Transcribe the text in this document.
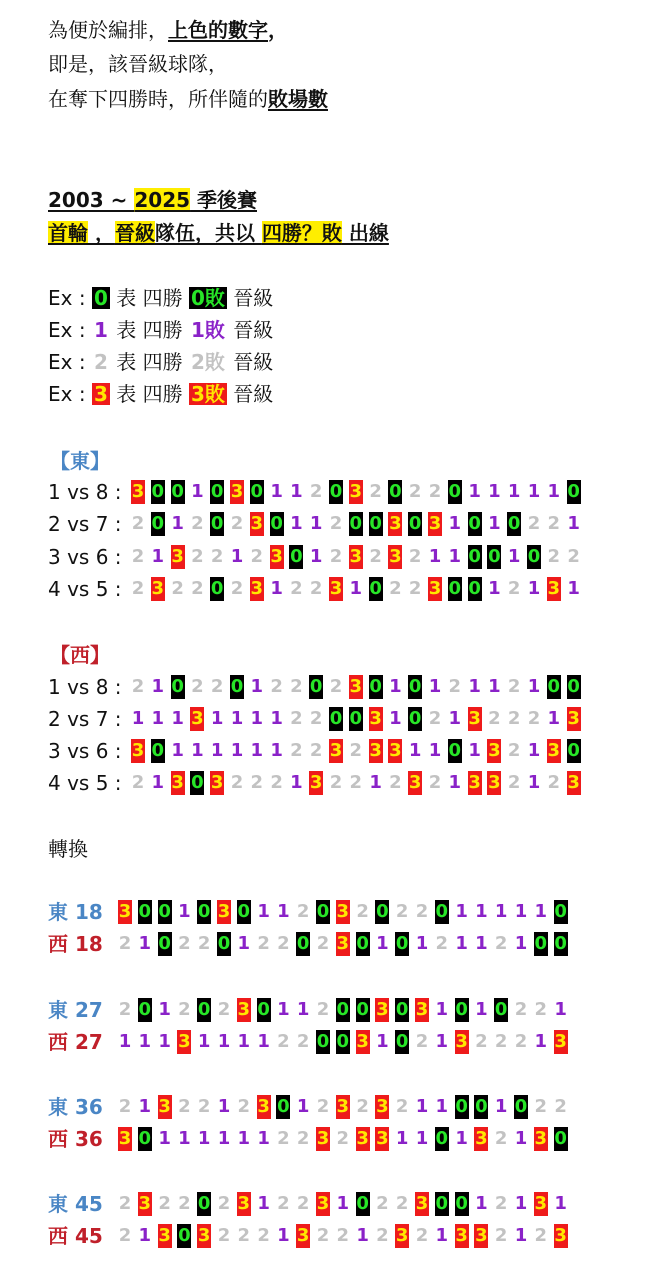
為便於編排，上色的數字，
即是，該晉級球隊，
在奪下四勝時，所伴隨的敗場數
2003 ~ 2025 季後賽
首輪 ，晉級隊伍，共以 四勝？敗 出線
Ex : 0 表 四勝 0敗 晉級
Ex : 1 表 四勝 1敗 晉級
Ex : 2 表 四勝 2敗 晉級
Ex : 3 表 四勝 3敗 晉級
【東】
1 vs 8 : 3 0 0 1 0 3 0 1 1 2 0 3 2 0 2 2 0 1 1 1 1 1 0
2 vs 7 : 2 0 1 2 0 2 3 0 1 1 2 0 0 3 0 3 1 0 1 0 2 2 1
3 vs 6 : 2 1 3 2 2 1 2 3 0 1 2 3 2 3 2 1 1 0 0 1 0 2 2
4 vs 5 : 2 3 2 2 0 2 3 1 2 2 3 1 0 2 2 3 0 0 1 2 1 3 1
【西】
1 vs 8 : 2 1 0 2 2 0 1 2 2 0 2 3 0 1 0 1 2 1 1 2 1 0 0
2 vs 7 : 1 1 1 3 1 1 1 1 2 2 0 0 3 1 0 2 1 3 2 2 2 1 3
3 vs 6 : 3 0 1 1 1 1 1 1 2 2 3 2 3 3 1 1 0 1 3 2 1 3 0
4 vs 5 : 2 1 3 0 3 2 2 2 1 3 2 2 1 2 3 2 1 3 3 2 1 2 3
轉換
東 18 3 0 0 1 0 3 0 1 1 2 0 3 2 0 2 2 0 1 1 1 1 1 0
西 18 2 1 0 2 2 0 1 2 2 0 2 3 0 1 0 1 2 1 1 2 1 0 0
東 27 2 0 1 2 0 2 3 0 1 1 2 0 0 3 0 3 1 0 1 0 2 2 1
西 27 1 1 1 3 1 1 1 1 2 2 0 0 3 1 0 2 1 3 2 2 2 1 3
東 36 2 1 3 2 2 1 2 3 0 1 2 3 2 3 2 1 1 0 0 1 0 2 2
西 36 3 0 1 1 1 1 1 1 2 2 3 2 3 3 1 1 0 1 3 2 1 3 0
東 45 2 3 2 2 0 2 3 1 2 2 3 1 0 2 2 3 0 0 1 2 1 3 1
西 45 2 1 3 0 3 2 2 2 1 3 2 2 1 2 3 2 1 3 3 2 1 2 3
